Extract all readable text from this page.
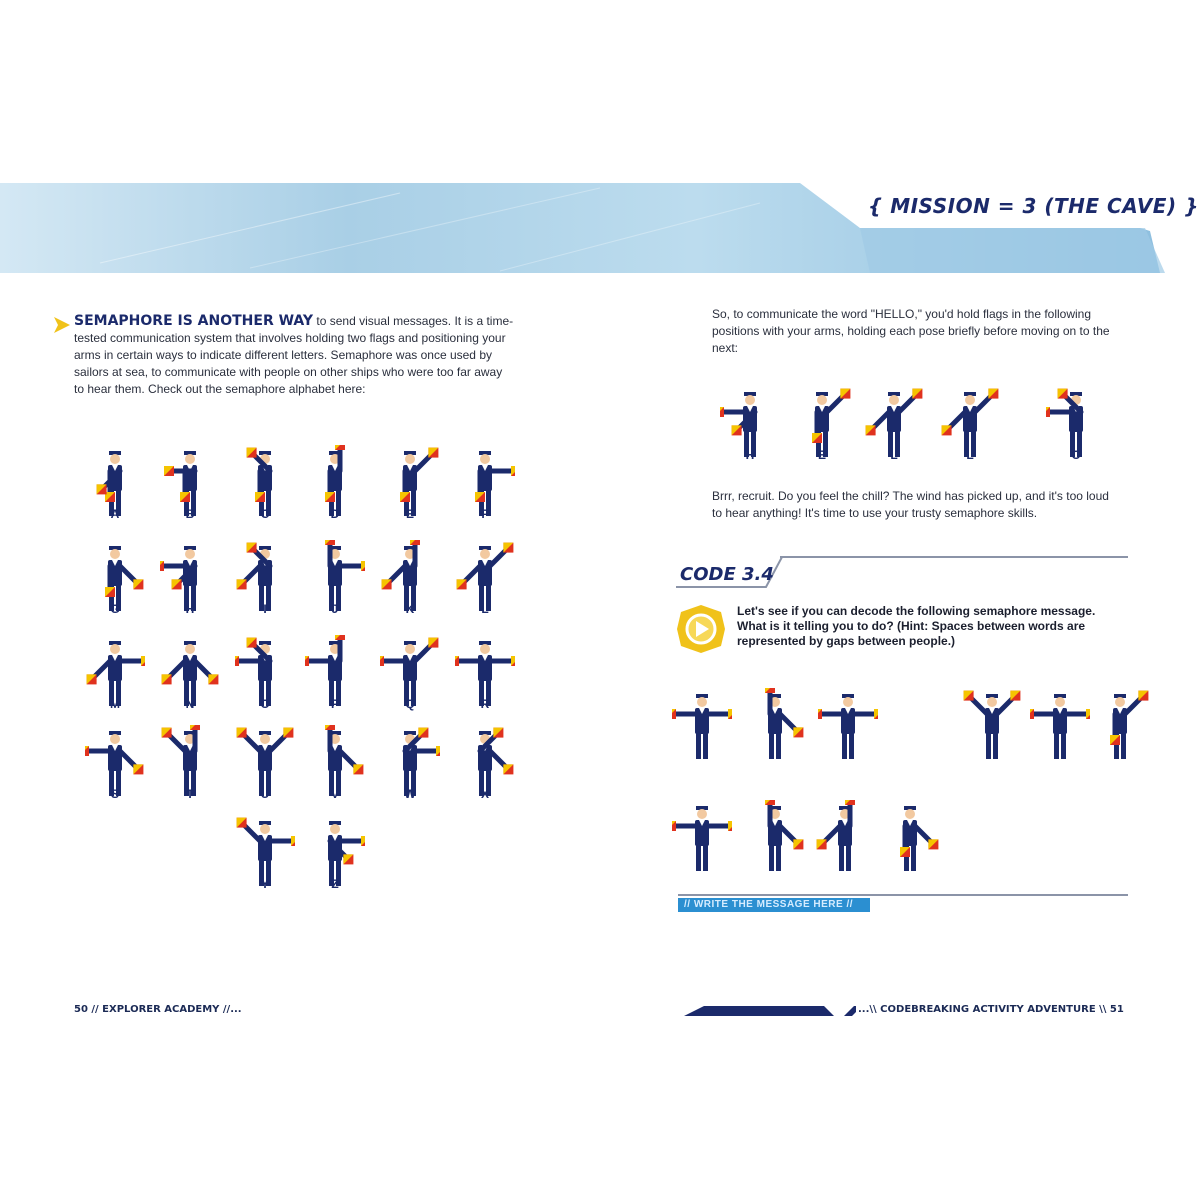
{ MISSION = 3 (THE CAVE) }
SEMAPHORE IS ANOTHER WAY to send visual messages. It is a time-tested communication system that involves holding two flags and positioning your arms in certain ways to indicate different letters. Semaphore was once used by sailors at sea, to communicate with people on other ships who were too far away to hear them. Check out the semaphore alphabet here:
A	B	C	D	E	F
G	H	I	J	K	L
M	N	O	P	Q	R
S	T	U	V	W	X
Y	Z
So, to communicate the word "HELLO," you'd hold flags in the following positions with your arms, holding each pose briefly before moving on to the next:
H	E	L	L	O
Brrr, recruit. Do you feel the chill? The wind has picked up, and it's too loud to hear anything! It's time to use your trusty semaphore skills.
CODE 3.4
Let's see if you can decode the following semaphore message. What is it telling you to do? (Hint: Spaces between words are represented by gaps between people.)
// WRITE THE MESSAGE HERE //
50 // EXPLORER ACADEMY //...	...\\ CODEBREAKING ACTIVITY ADVENTURE \\ 51
